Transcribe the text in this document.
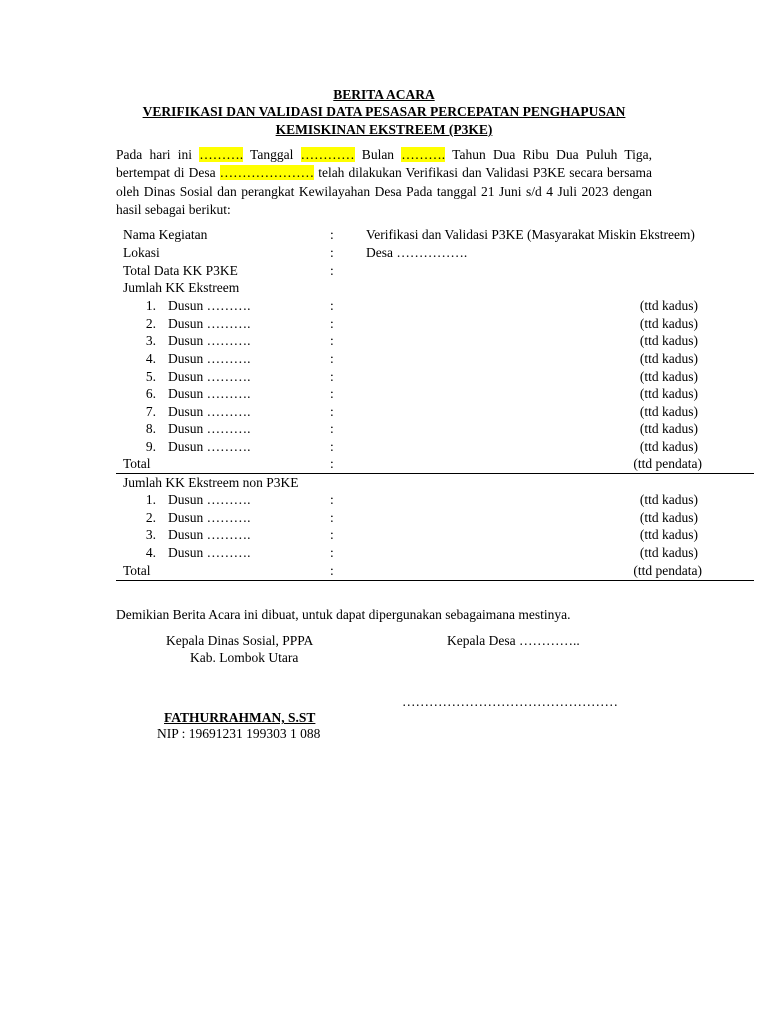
BERITA ACARA
VERIFIKASI DAN VALIDASI DATA PESASAR PERCEPATAN PENGHAPUSAN
KEMISKINAN EKSTREEM (P3KE)
Pada hari ini ………. Tanggal ………… Bulan ………. Tahun Dua Ribu Dua Puluh Tiga, bertempat di Desa ………………… telah dilakukan Verifikasi dan Validasi P3KE secara bersama oleh Dinas Sosial dan perangkat Kewilayahan Desa Pada tanggal 21 Juni s/d 4 Juli 2023 dengan hasil sebagai berikut:
Nama Kegiatan	: Verifikasi dan Validasi P3KE (Masyarakat Miskin Ekstreem)
Lokasi	: Desa …………….
Total Data KK P3KE	:
Jumlah KK Ekstreem
1. Dusun ……….	:	(ttd kadus)
2. Dusun ……….	:	(ttd kadus)
3. Dusun ……….	:	(ttd kadus)
4. Dusun ……….	:	(ttd kadus)
5. Dusun ……….	:	(ttd kadus)
6. Dusun ……….	:	(ttd kadus)
7. Dusun ……….	:	(ttd kadus)
8. Dusun ……….	:	(ttd kadus)
9. Dusun ……….	:	(ttd kadus)
Total	:	(ttd pendata)
Jumlah KK Ekstreem non P3KE
1. Dusun ……….	:	(ttd kadus)
2. Dusun ……….	:	(ttd kadus)
3. Dusun ……….	:	(ttd kadus)
4. Dusun ……….	:	(ttd kadus)
Total	:	(ttd pendata)
Demikian Berita Acara ini dibuat, untuk dapat dipergunakan sebagaimana mestinya.
Kepala Dinas Sosial, PPPA
Kab. Lombok Utara
Kepala Desa …………..
…………………………………………
FATHURRAHMAN, S.ST
NIP : 19691231 199303 1 088
